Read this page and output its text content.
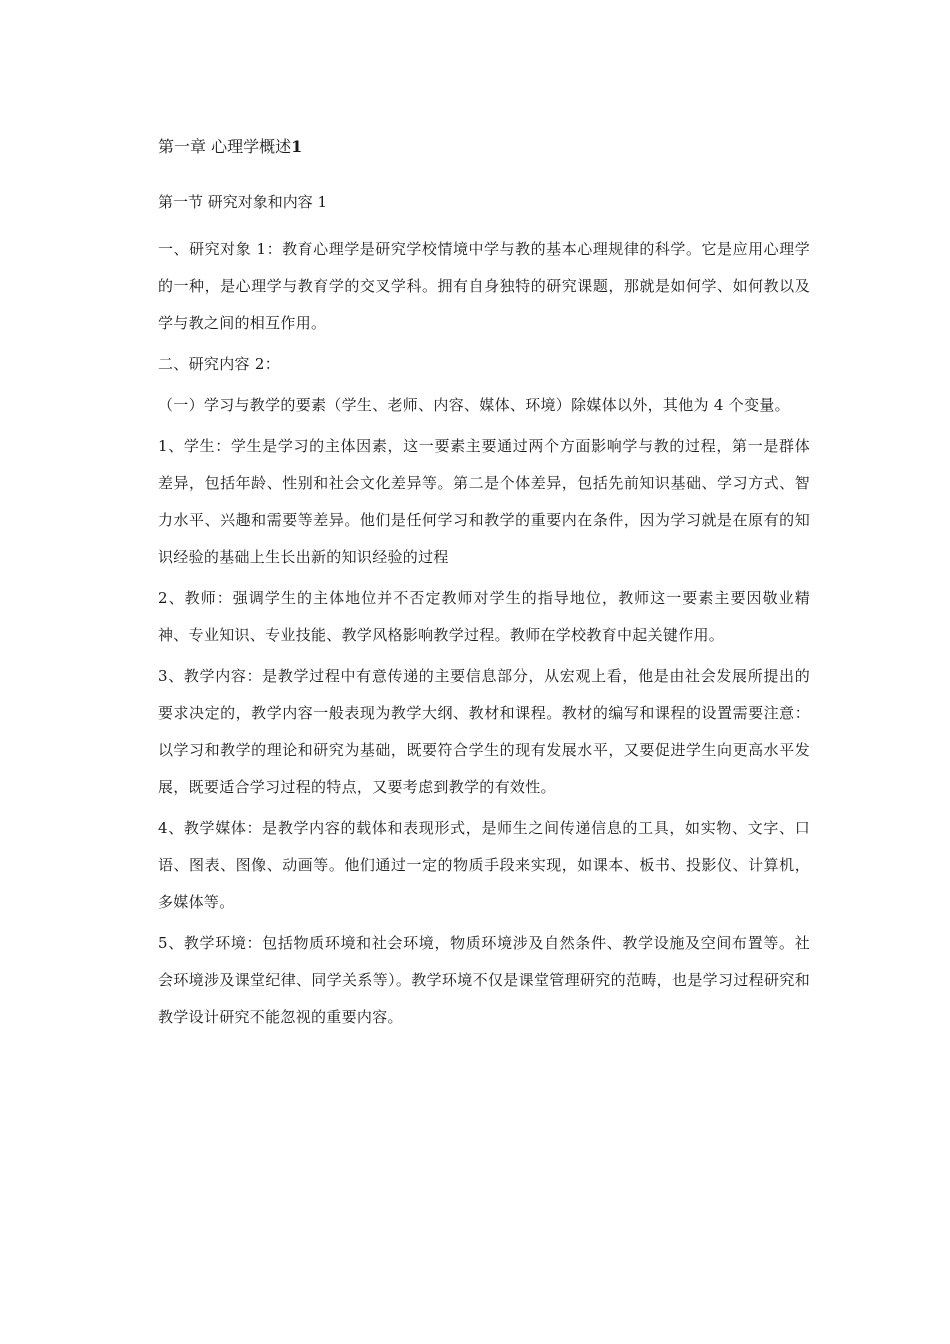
第一章 心理学概述1
第一节 研究对象和内容 1

一、研究对象 1：教育心理学是研究学校情境中学与教的基本心理规律的科学。它是应用心理学的一种，是心理学与教育学的交叉学科。拥有自身独特的研究课题，那就是如何学、如何教以及学与教之间的相互作用。

二、研究内容 2：

（一）学习与教学的要素（学生、老师、内容、媒体、环境）除媒体以外，其他为 4 个变量。

1、学生：学生是学习的主体因素，这一要素主要通过两个方面影响学与教的过程，第一是群体差异，包括年龄、性别和社会文化差异等。第二是个体差异，包括先前知识基础、学习方式、智力水平、兴趣和需要等差异。他们是任何学习和教学的重要内在条件，因为学习就是在原有的知识经验的基础上生长出新的知识经验的过程

2、教师：强调学生的主体地位并不否定教师对学生的指导地位，教师这一要素主要因敬业精神、专业知识、专业技能、教学风格影响教学过程。教师在学校教育中起关键作用。

3、教学内容：是教学过程中有意传递的主要信息部分，从宏观上看，他是由社会发展所提出的要求决定的，教学内容一般表现为教学大纲、教材和课程。教材的编写和课程的设置需要注意：以学习和教学的理论和研究为基础，既要符合学生的现有发展水平，又要促进学生向更高水平发展，既要适合学习过程的特点，又要考虑到教学的有效性。

4、教学媒体：是教学内容的载体和表现形式，是师生之间传递信息的工具，如实物、文字、口语、图表、图像、动画等。他们通过一定的物质手段来实现，如课本、板书、投影仪、计算机，多媒体等。

5、教学环境：包括物质环境和社会环境，物质环境涉及自然条件、教学设施及空间布置等。社会环境涉及课堂纪律、同学关系等）。教学环境不仅是课堂管理研究的范畴，也是学习过程研究和教学设计研究不能忽视的重要内容。
